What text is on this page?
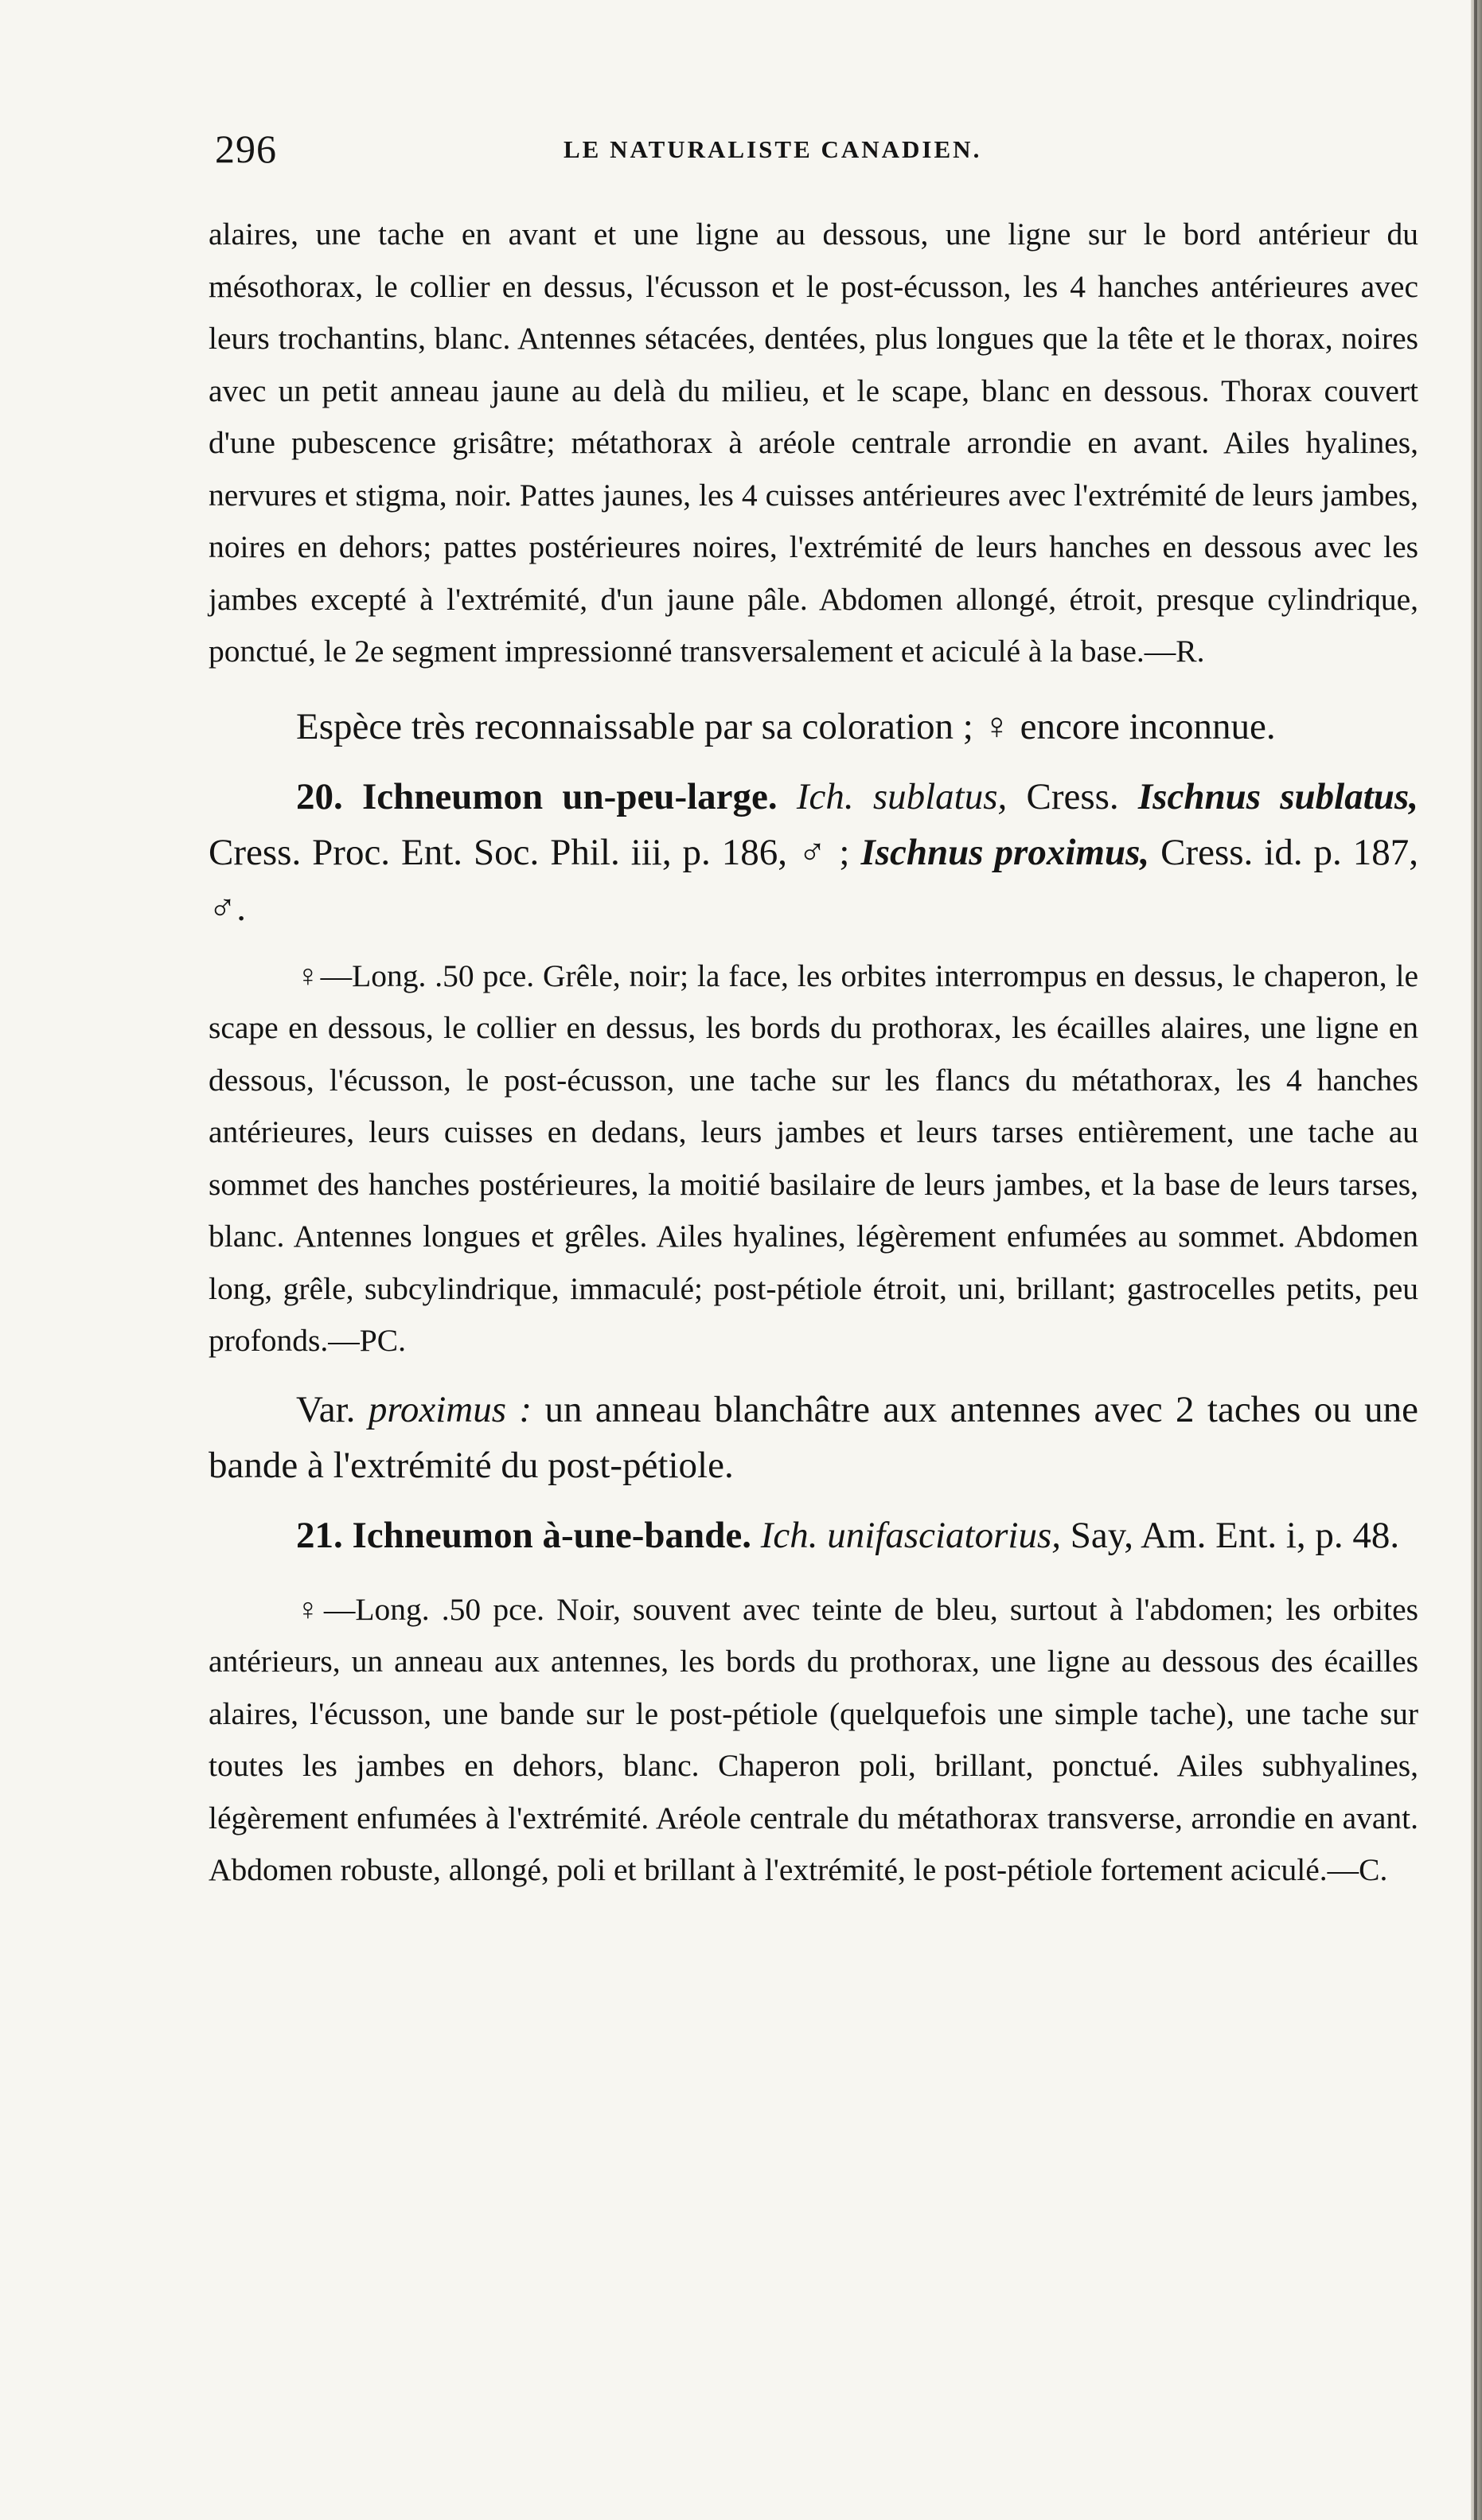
296	LE NATURALISTE CANADIEN.

alaires, une tache en avant et une ligne au dessous, une ligne sur le bord antérieur du mésothorax, le collier en dessus, l'écusson et le post-écusson, les 4 hanches antérieures avec leurs trochantins, blanc. Antennes sétacées, dentées, plus longues que la tête et le thorax, noires avec un petit anneau jaune au delà du milieu, et le scape, blanc en dessous. Thorax couvert d'une pubescence grisâtre; métathorax à aréole centrale arrondie en avant. Ailes hyalines, nervures et stigma, noir. Pattes jaunes, les 4 cuisses antérieures avec l'extrémité de leurs jambes, noires en dehors; pattes postérieures noires, l'extrémité de leurs hanches en dessous avec les jambes excepté à l'extrémité, d'un jaune pâle. Abdomen allongé, étroit, presque cylindrique, ponctué, le 2e segment impressionné transversalement et aciculé à la base.—R.

Espèce très reconnaissable par sa coloration ; ♀ encore inconnue.

20. Ichneumon un-peu-large. Ich. sublatus, Cress. Ischnus sublatus, Cress. Proc. Ent. Soc. Phil. iii, p. 186, ♂ ; Ischnus proximus, Cress. id. p. 187, ♂.

♀—Long. .50 pce. Grêle, noir; la face, les orbites interrompus en dessus, le chaperon, le scape en dessous, le collier en dessus, les bords du prothorax, les écailles alaires, une ligne en dessous, l'écusson, le post-écusson, une tache sur les flancs du métathorax, les 4 hanches antérieures, leurs cuisses en dedans, leurs jambes et leurs tarses entièrement, une tache au sommet des hanches postérieures, la moitié basilaire de leurs jambes, et la base de leurs tarses, blanc. Antennes longues et grêles. Ailes hyalines, légèrement enfumées au sommet. Abdomen long, grêle, subcylindrique, immaculé; post-pétiole étroit, uni, brillant; gastrocelles petits, peu profonds.—PC.

Var. proximus : un anneau blanchâtre aux antennes avec 2 taches ou une bande à l'extrémité du post-pétiole.

21. Ichneumon à-une-bande. Ich. unifasciatorius, Say, Am. Ent. i, p. 48.

♀—Long. .50 pce. Noir, souvent avec teinte de bleu, surtout à l'abdomen; les orbites antérieurs, un anneau aux antennes, les bords du prothorax, une ligne au dessous des écailles alaires, l'écusson, une bande sur le post-pétiole (quelquefois une simple tache), une tache sur toutes les jambes en dehors, blanc. Chaperon poli, brillant, ponctué. Ailes subhyalines, légèrement enfumées à l'extrémité. Aréole centrale du métathorax transverse, arrondie en avant. Abdomen robuste, allongé, poli et brillant à l'extrémité, le post-pétiole fortement aciculé.—C.
